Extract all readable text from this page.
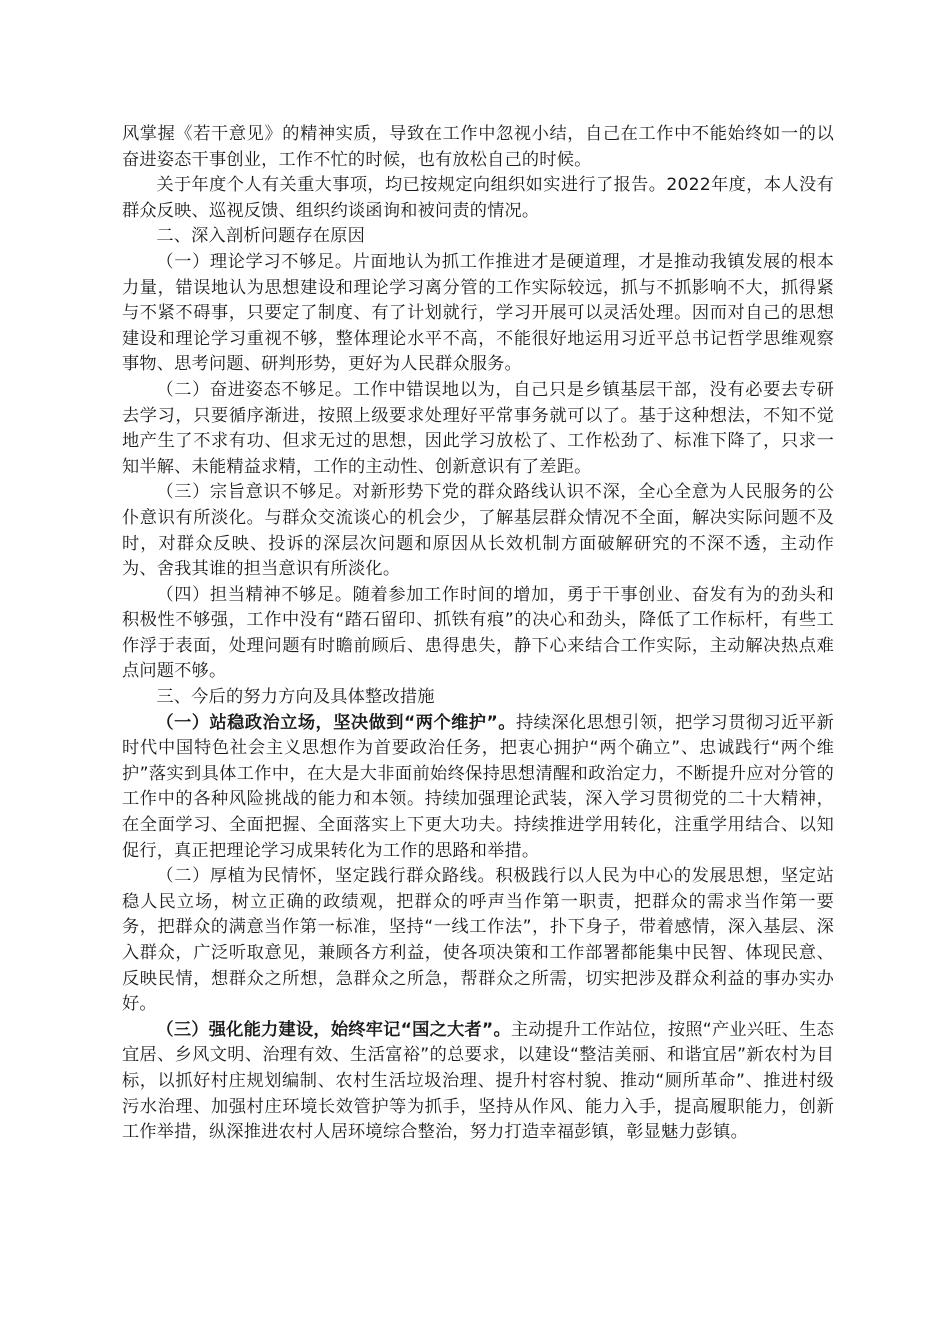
风掌握《若干意见》的精神实质，导致在工作中忽视小结，自己在工作中不能始终如一的以奋进姿态干事创业，工作不忙的时候，也有放松自己的时候。

关于年度个人有关重大事项，均已按规定向组织如实进行了报告。2022年度，本人没有群众反映、巡视反馈、组织约谈函询和被问责的情况。

二、深入剖析问题存在原因

（一）理论学习不够足。片面地认为抓工作推进才是硬道理，才是推动我镇发展的根本力量，错误地认为思想建设和理论学习离分管的工作实际较远，抓与不抓影响不大，抓得紧与不紧不碍事，只要定了制度、有了计划就行，学习开展可以灵活处理。因而对自己的思想建设和理论学习重视不够，整体理论水平不高，不能很好地运用习近平总书记哲学思维观察事物、思考问题、研判形势，更好为人民群众服务。

（二）奋进姿态不够足。工作中错误地以为，自己只是乡镇基层干部，没有必要去专研去学习，只要循序渐进，按照上级要求处理好平常事务就可以了。基于这种想法，不知不觉地产生了不求有功、但求无过的思想，因此学习放松了、工作松劲了、标准下降了，只求一知半解、未能精益求精，工作的主动性、创新意识有了差距。

（三）宗旨意识不够足。对新形势下党的群众路线认识不深，全心全意为人民服务的公仆意识有所淡化。与群众交流谈心的机会少，了解基层群众情况不全面，解决实际问题不及时，对群众反映、投诉的深层次问题和原因从长效机制方面破解研究的不深不透，主动作为、舍我其谁的担当意识有所淡化。

（四）担当精神不够足。随着参加工作时间的增加，勇于干事创业、奋发有为的劲头和积极性不够强，工作中没有“踏石留印、抓铁有痕”的决心和劲头，降低了工作标杆，有些工作浮于表面，处理问题有时瞻前顾后、患得患失，静下心来结合工作实际，主动解决热点难点问题不够。

三、今后的努力方向及具体整改措施

（一）站稳政治立场，坚决做到“两个维护”。持续深化思想引领，把学习贯彻习近平新时代中国特色社会主义思想作为首要政治任务，把衷心拥护“两个确立”、忠诚践行“两个维护”落实到具体工作中，在大是大非面前始终保持思想清醒和政治定力，不断提升应对分管的工作中的各种风险挑战的能力和本领。持续加强理论武装，深入学习贯彻党的二十大精神，在全面学习、全面把握、全面落实上下更大功夫。持续推进学用转化，注重学用结合、以知促行，真正把理论学习成果转化为工作的思路和举措。

（二）厚植为民情怀，坚定践行群众路线。积极践行以人民为中心的发展思想，坚定站稳人民立场，树立正确的政绩观，把群众的呼声当作第一职责，把群众的需求当作第一要务，把群众的满意当作第一标准，坚持“一线工作法”，扑下身子，带着感情，深入基层、深入群众，广泛听取意见，兼顾各方利益，使各项决策和工作部署都能集中民智、体现民意、反映民情，想群众之所想，急群众之所急，帮群众之所需，切实把涉及群众利益的事办实办好。

（三）强化能力建设，始终牢记“国之大者”。主动提升工作站位，按照“产业兴旺、生态宜居、乡风文明、治理有效、生活富裕”的总要求，以建设“整洁美丽、和谐宜居”新农村为目标，以抓好村庄规划编制、农村生活垃圾治理、提升村容村貌、推动“厕所革命”、推进村级污水治理、加强村庄环境长效管护等为抓手，坚持从作风、能力入手，提高履职能力，创新工作举措，纵深推进农村人居环境综合整治，努力打造幸福彭镇，彰显魅力彭镇。
